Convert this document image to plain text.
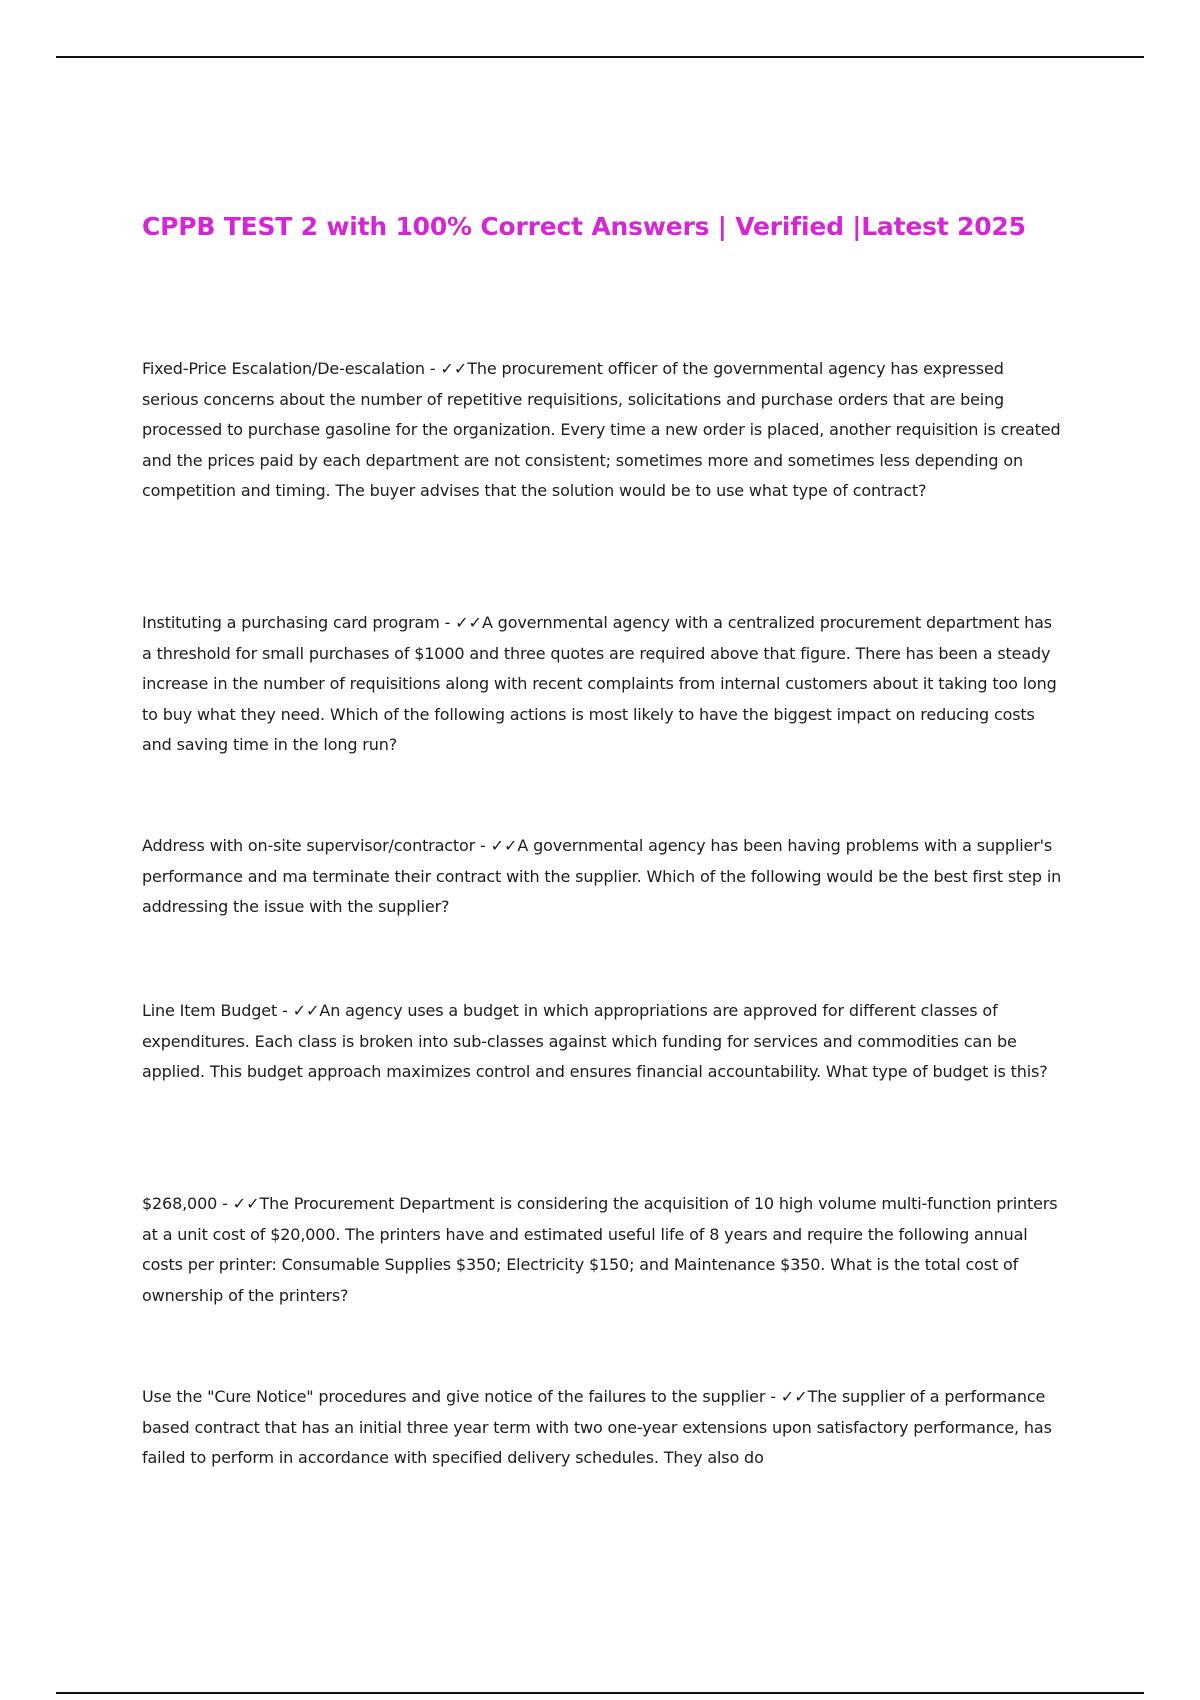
CPPB TEST 2 with 100% Correct Answers | Verified |Latest 2025

Fixed-Price Escalation/De-escalation - ✓✓The procurement officer of the governmental agency has expressed serious concerns about the number of repetitive requisitions, solicitations and purchase orders that are being processed to purchase gasoline for the organization. Every time a new order is placed, another requisition is created and the prices paid by each department are not consistent; sometimes more and sometimes less depending on competition and timing. The buyer advises that the solution would be to use what type of contract?

Instituting a purchasing card program - ✓✓A governmental agency with a centralized procurement department has a threshold for small purchases of $1000 and three quotes are required above that figure. There has been a steady increase in the number of requisitions along with recent complaints from internal customers about it taking too long to buy what they need. Which of the following actions is most likely to have the biggest impact on reducing costs and saving time in the long run?

Address with on-site supervisor/contractor - ✓✓A governmental agency has been having problems with a supplier's performance and ma terminate their contract with the supplier. Which of the following would be the best first step in addressing the issue with the supplier?

Line Item Budget - ✓✓An agency uses a budget in which appropriations are approved for different classes of expenditures. Each class is broken into sub-classes against which funding for services and commodities can be applied. This budget approach maximizes control and ensures financial accountability. What type of budget is this?

$268,000 - ✓✓The Procurement Department is considering the acquisition of 10 high volume multi-function printers at a unit cost of $20,000. The printers have and estimated useful life of 8 years and require the following annual costs per printer: Consumable Supplies $350; Electricity $150; and Maintenance $350. What is the total cost of ownership of the printers?

Use the "Cure Notice" procedures and give notice of the failures to the supplier - ✓✓The supplier of a performance based contract that has an initial three year term with two one-year extensions upon satisfactory performance, has failed to perform in accordance with specified delivery schedules. They also do
